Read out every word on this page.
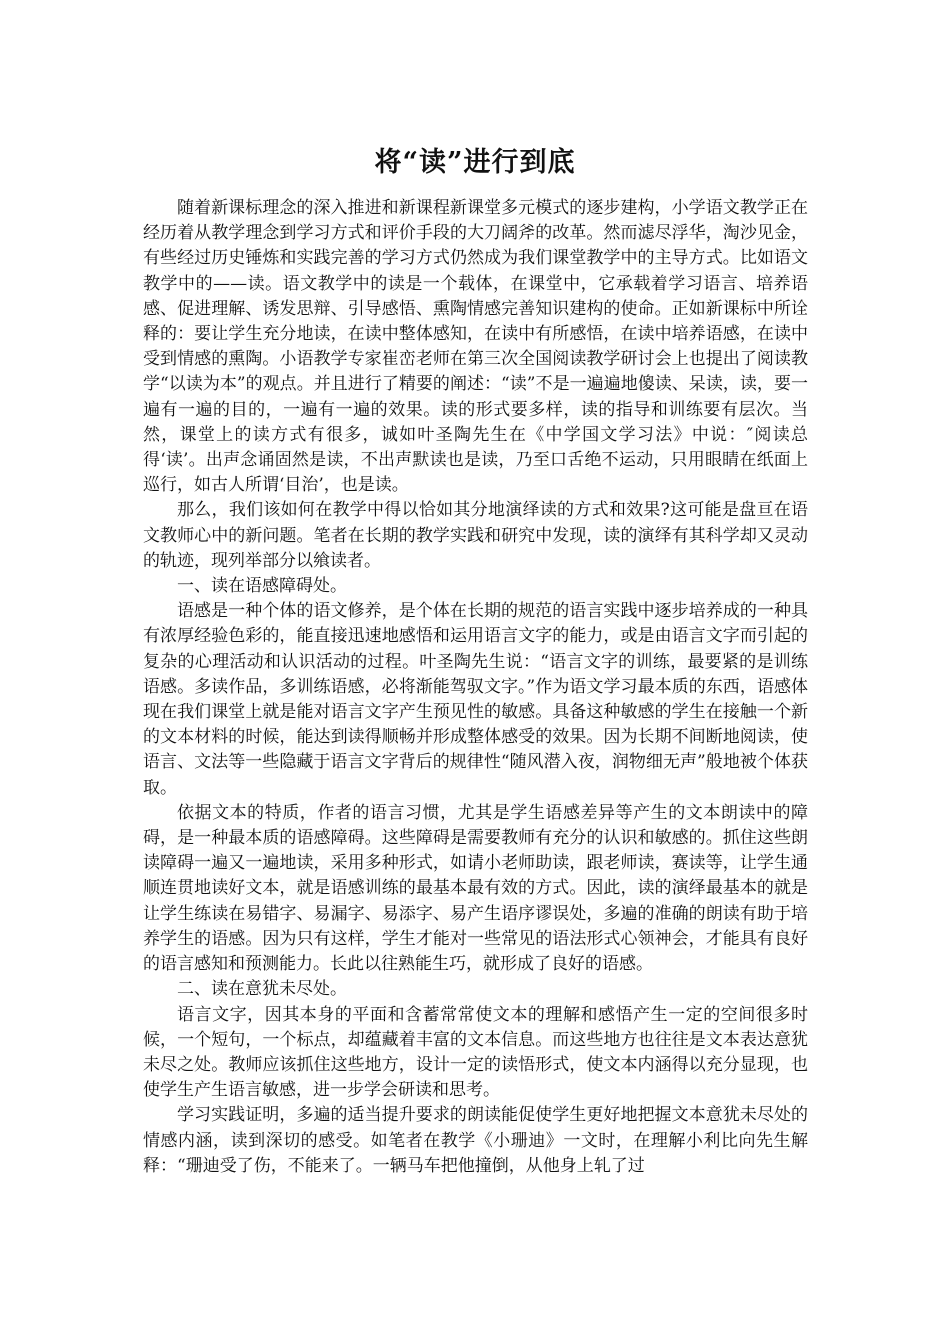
将“读”进行到底

随着新课标理念的深入推进和新课程新课堂多元模式的逐步建构，小学语文教学正在经历着从教学理念到学习方式和评价手段的大刀阔斧的改革。然而滤尽浮华，淘沙见金，有些经过历史锤炼和实践完善的学习方式仍然成为我们课堂教学中的主导方式。比如语文教学中的——读。语文教学中的读是一个载体，在课堂中，它承载着学习语言、培养语感、促进理解、诱发思辩、引导感悟、熏陶情感完善知识建构的使命。正如新课标中所诠释的：要让学生充分地读，在读中整体感知，在读中有所感悟，在读中培养语感，在读中受到情感的熏陶。小语教学专家崔峦老师在第三次全国阅读教学研讨会上也提出了阅读教学“以读为本”的观点。并且进行了精要的阐述：“读”不是一遍遍地傻读、呆读，读，要一遍有一遍的目的，一遍有一遍的效果。读的形式要多样，读的指导和训练要有层次。当然，课堂上的读方式有很多，诚如叶圣陶先生在《中学国文学习法》中说：″阅读总得‘读’。出声念诵固然是读，不出声默读也是读，乃至口舌绝不运动，只用眼睛在纸面上巡行，如古人所谓‘目治’，也是读。

那么，我们该如何在教学中得以恰如其分地演绎读的方式和效果?这可能是盘亘在语文教师心中的新问题。笔者在长期的教学实践和研究中发现，读的演绎有其科学却又灵动的轨迹，现列举部分以飨读者。

一、读在语感障碍处。

语感是一种个体的语文修养，是个体在长期的规范的语言实践中逐步培养成的一种具有浓厚经验色彩的，能直接迅速地感悟和运用语言文字的能力，或是由语言文字而引起的复杂的心理活动和认识活动的过程。叶圣陶先生说：“语言文字的训练，最要紧的是训练语感。多读作品，多训练语感，必将渐能驾驭文字。”作为语文学习最本质的东西，语感体现在我们课堂上就是能对语言文字产生预见性的敏感。具备这种敏感的学生在接触一个新的文本材料的时候，能达到读得顺畅并形成整体感受的效果。因为长期不间断地阅读，使语言、文法等一些隐藏于语言文字背后的规律性“随风潜入夜，润物细无声”般地被个体获取。

依据文本的特质，作者的语言习惯，尤其是学生语感差异等产生的文本朗读中的障碍，是一种最本质的语感障碍。这些障碍是需要教师有充分的认识和敏感的。抓住这些朗读障碍一遍又一遍地读，采用多种形式，如请小老师助读，跟老师读，赛读等，让学生通顺连贯地读好文本，就是语感训练的最基本最有效的方式。因此，读的演绎最基本的就是让学生练读在易错字、易漏字、易添字、易产生语序谬误处，多遍的准确的朗读有助于培养学生的语感。因为只有这样，学生才能对一些常见的语法形式心领神会，才能具有良好的语言感知和预测能力。长此以往熟能生巧，就形成了良好的语感。

二、读在意犹未尽处。

语言文字，因其本身的平面和含蓄常常使文本的理解和感悟产生一定的空间很多时候，一个短句，一个标点，却蕴藏着丰富的文本信息。而这些地方也往往是文本表达意犹未尽之处。教师应该抓住这些地方，设计一定的读悟形式，使文本内涵得以充分显现，也使学生产生语言敏感，进一步学会研读和思考。

学习实践证明，多遍的适当提升要求的朗读能促使学生更好地把握文本意犹未尽处的情感内涵，读到深切的感受。如笔者在教学《小珊迪》一文时，在理解小利比向先生解释：“珊迪受了伤，不能来了。一辆马车把他撞倒，从他身上轧了过
